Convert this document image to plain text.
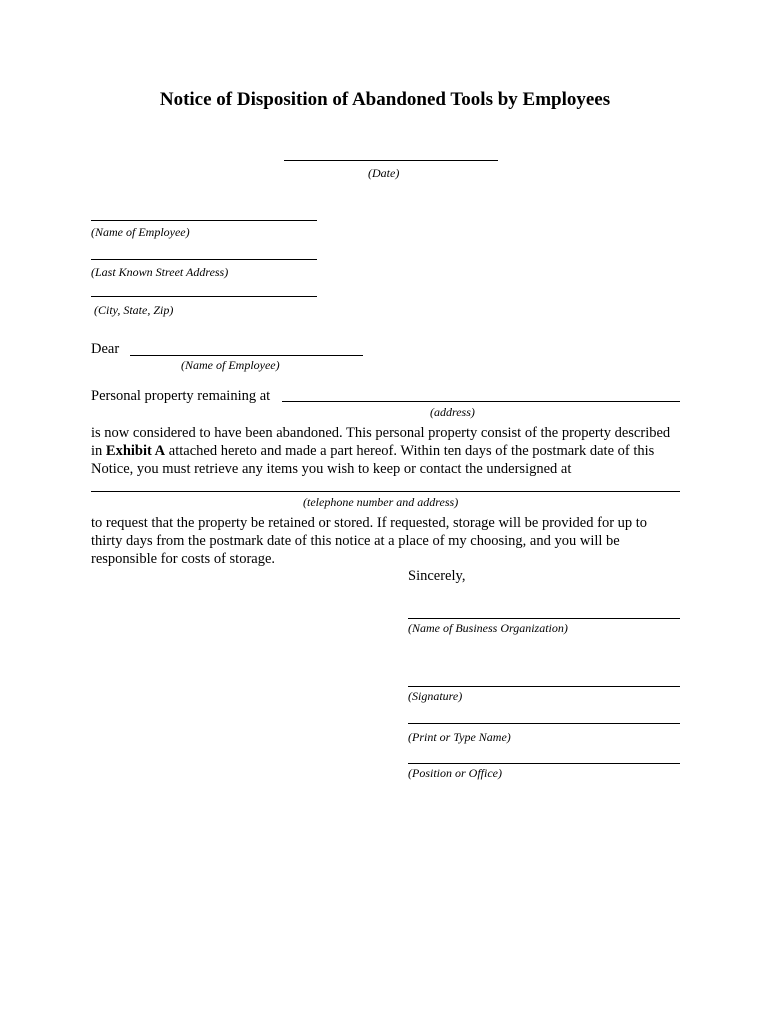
Notice of Disposition of Abandoned Tools by Employees
(Date)
(Name of Employee)
(Last Known Street Address)
(City, State, Zip)
Dear
(Name of Employee)
Personal property remaining at
(address)

is now considered to have been abandoned. This personal property consist of the property described in Exhibit A attached hereto and made a part hereof. Within ten days of the postmark date of this Notice, you must retrieve any items you wish to keep or contact the undersigned at

(telephone number and address)

to request that the property be retained or stored. If requested, storage will be provided for up to thirty days from the postmark date of this notice at a place of my choosing, and you will be responsible for costs of storage.

Sincerely,
(Name of Business Organization)
(Signature)
(Print or Type Name)
(Position or Office)
